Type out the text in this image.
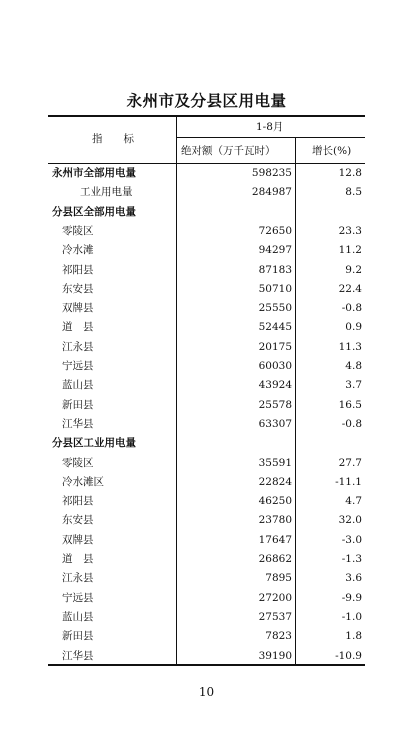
永州市及分县区用电量
指　　标
1-8月
绝对额（万千瓦时）	增长(%)
永州市全部用电量	598235	12.8
工业用电量	284987	8.5
分县区全部用电量
零陵区	72650	23.3
冷水滩	94297	11.2
祁阳县	87183	9.2
东安县	50710	22.4
双牌县	25550	-0.8
道　县	52445	0.9
江永县	20175	11.3
宁远县	60030	4.8
蓝山县	43924	3.7
新田县	25578	16.5
江华县	63307	-0.8
分县区工业用电量
零陵区	35591	27.7
冷水滩区	22824	-11.1
祁阳县	46250	4.7
东安县	23780	32.0
双牌县	17647	-3.0
道　县	26862	-1.3
江永县	7895	3.6
宁远县	27200	-9.9
蓝山县	27537	-1.0
新田县	7823	1.8
江华县	39190	-10.9
10
